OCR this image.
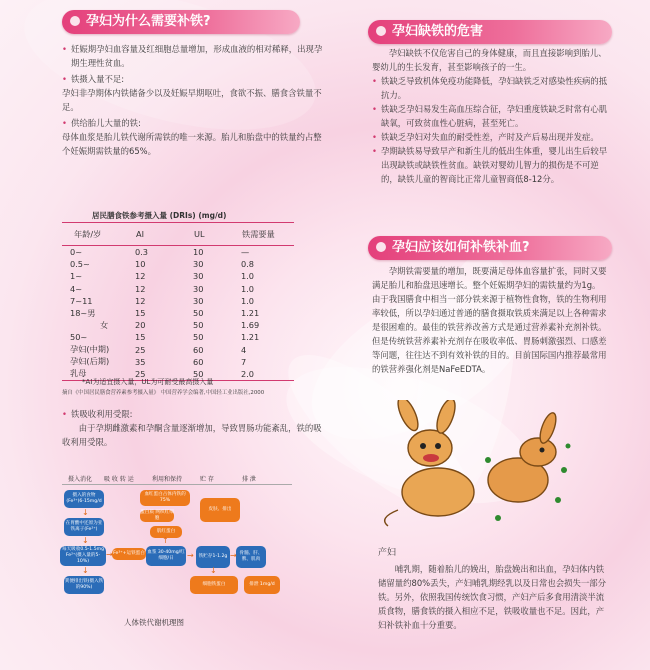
孕妇为什么需要补铁?

• 妊娠期孕妇血容量及红细胞总量增加，形成血液的相对稀释，出现孕期生理性贫血。

• 铁摄入量不足:

孕妇非孕期体内铁储备少以及妊娠早期呕吐，食欲不振、膳食含铁量不足。

• 供给胎儿大量的铁:

母体血浆是胎儿铁代谢所需铁的唯一来源。胎儿和胎盘中的铁量约占整个妊娠期需铁量的65%。

居民膳食铁参考摄入量 (DRIs) (mg/d)
年龄/岁	AI	UL	铁需要量
0~	0.3	10	—
0.5~	10	30	0.8
1~	12	30	1.0
4~	12	30	1.0
7~11	12	30	1.0
18~男	15	50	1.21
女	20	50	1.69
50~	15	50	1.21
孕妇(中期)	25	60	4
孕妇(后期)	35	60	7
乳母	25	50	2.0
*AI为适宜摄入量，UL为可耐受最高摄入量
摘自《中国居民膳食营养素参考摄入量》 中国营养学会编著,中国轻工业出版社,2000

• 铁吸收利用受限:

由于孕期雌激素和孕酮含量逐渐增加，导致胃肠功能紊乱，铁的吸收利用受限。

摄入消化 吸 收 转 运	利用和保持	贮 存	排 泄
摄入的食物(Fe³⁺)6-15mg/d
在胃酸中还原为亚铁离子(Fe²⁺)
每天吸收0.5-1.5mg Fe²⁺(摄入量的5-10%)
粪便排出铁(摄入铁的90%)
Fe³⁺+运铁蛋白
蛋白质 网织红细胞
血红蛋白占体内铁的75%
肌红蛋白
血浆 30-40mg/红细胞/日	铁贮存1-1.2g
骨髓、肝、脾、肌肉
皮肤、排出
细胞铁蛋白	排泄 1mg/d
↓
↓
↓
→	→	→
↑
↓
人体铁代谢机理图
孕妇缺铁的危害

孕妇缺铁不仅危害自己的身体健康，而且直接影响到胎儿、婴幼儿的生长发育，甚至影响孩子的一生。

• 铁缺乏导致机体免疫功能降低，孕妇缺铁乏对感染性疾病的抵抗力。

• 铁缺乏孕妇易发生高血压综合征，孕妇重度铁缺乏时常有心肌缺氧，可致贫血性心脏病，甚至死亡。

• 铁缺乏孕妇对失血的耐受性差，产时及产后易出现并发症。

• 孕期缺铁易导致早产和新生儿的低出生体重，婴儿出生后较早出现缺铁或缺铁性贫血。缺铁对婴幼儿智力的损伤是不可逆的，缺铁儿童的智商比正常儿童智商低8-12分。

孕妇应该如何补铁补血?

孕期铁需要量的增加，既要满足母体血容量扩张，同时又要满足胎儿和胎盘迅速增长。整个妊娠期孕妇的需铁量约为1g。由于我国膳食中相当一部分铁来源于植物性食物，铁的生物利用率较低，所以孕妇通过普通的膳食摄取铁质来满足以上各种需求是很困难的。最佳的铁营养改善方式是通过营养素补充剂补铁。但是传统铁营养素补充剂存在吸收率低、胃肠刺激强烈、口感差等问题，往往达不到有效补铁的目的。目前国际国内推荐最常用的铁营养强化剂是NaFeEDTA。

产妇

哺乳期，随着胎儿的娩出，胎盘娩出和出血，孕妇体内铁储留量约80%丢失，产妇哺乳期经乳以及日常也会损失一部分铁。另外，依照我国传统饮食习惯，产妇产后多食用清淡半流质食物，膳食铁的摄入相应不足，铁吸收量也不足。因此，产妇补铁补血十分重要。
